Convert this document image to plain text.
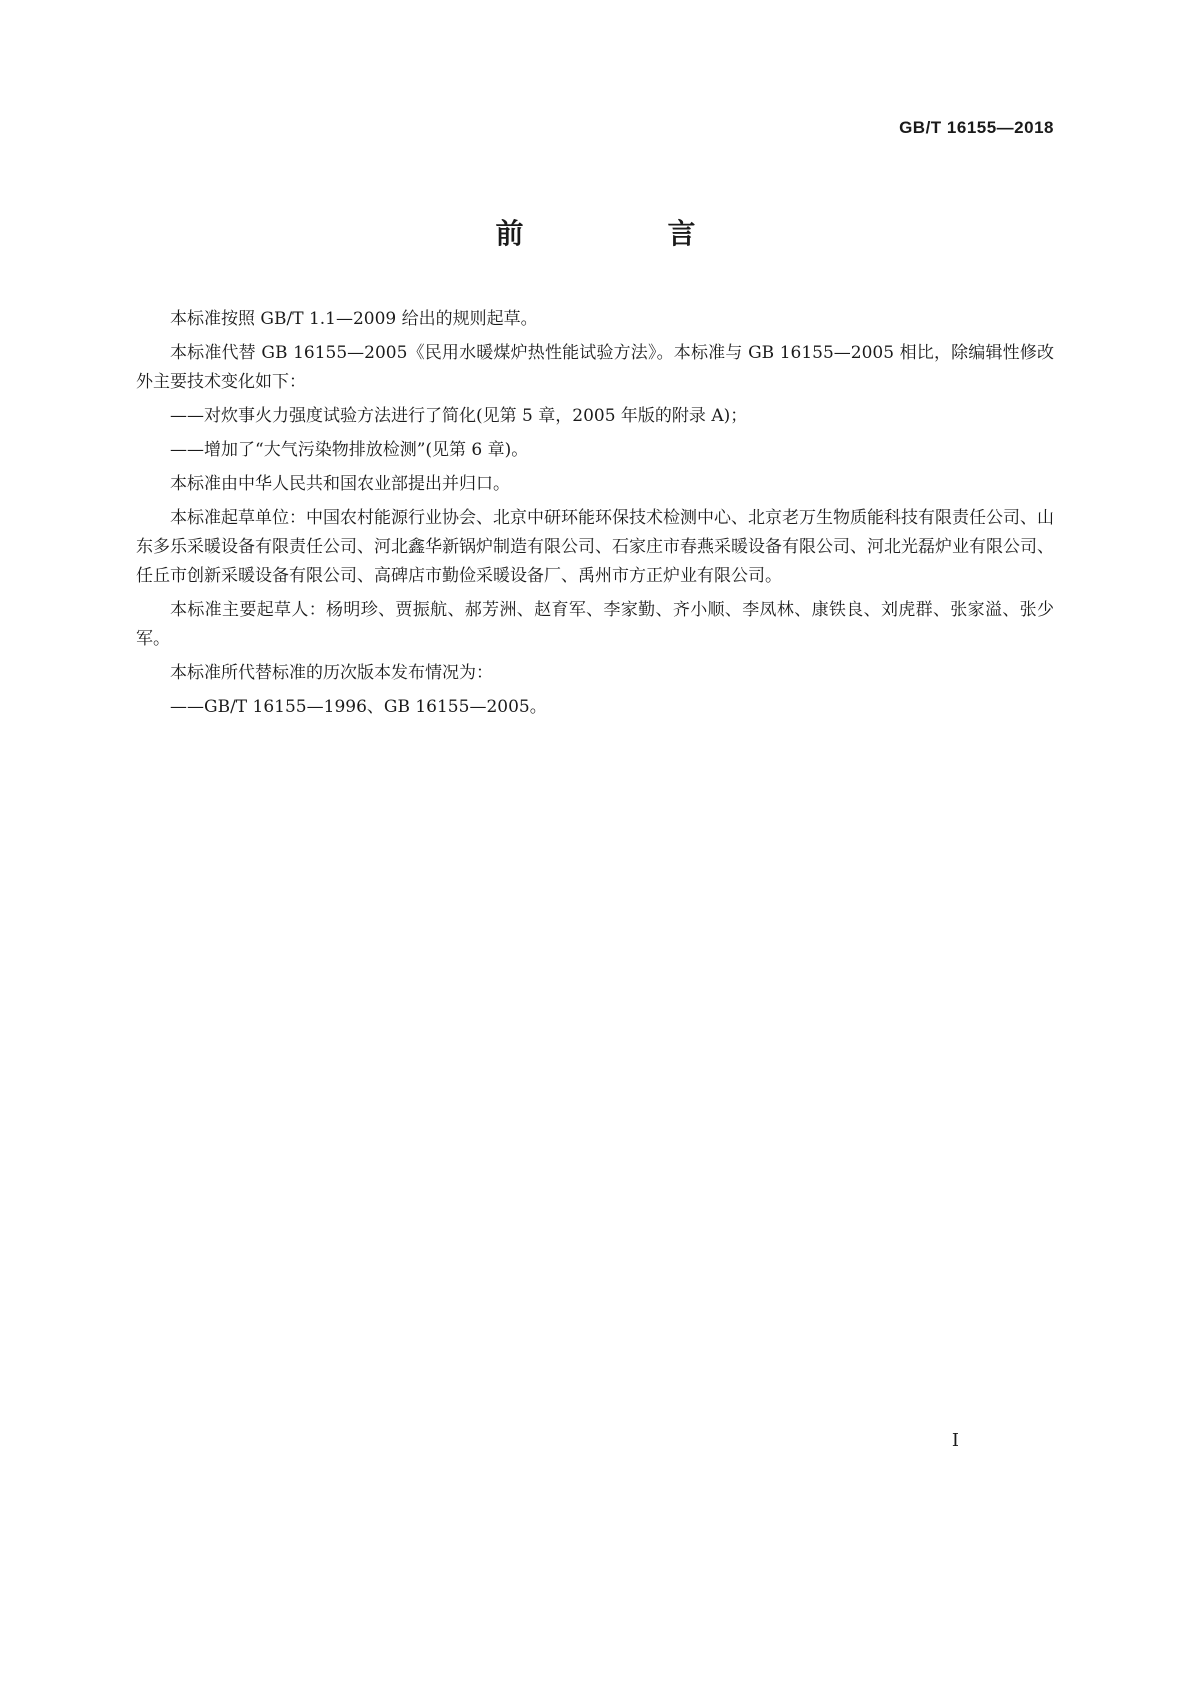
GB/T 16155—2018
前　言

本标准按照 GB/T 1.1—2009 给出的规则起草。

本标准代替 GB 16155—2005《民用水暖煤炉热性能试验方法》。本标准与 GB 16155—2005 相比，除编辑性修改外主要技术变化如下：

——对炊事火力强度试验方法进行了简化(见第 5 章，2005 年版的附录 A)；

——增加了“大气污染物排放检测”(见第 6 章)。

本标准由中华人民共和国农业部提出并归口。

本标准起草单位：中国农村能源行业协会、北京中研环能环保技术检测中心、北京老万生物质能科技有限责任公司、山东多乐采暖设备有限责任公司、河北鑫华新锅炉制造有限公司、石家庄市春燕采暖设备有限公司、河北光磊炉业有限公司、任丘市创新采暖设备有限公司、高碑店市勤俭采暖设备厂、禹州市方正炉业有限公司。

本标准主要起草人：杨明珍、贾振航、郝芳洲、赵育军、李家勤、齐小顺、李凤林、康铁良、刘虎群、张家溢、张少军。

本标准所代替标准的历次版本发布情况为：

——GB/T 16155—1996、GB 16155—2005。

I
